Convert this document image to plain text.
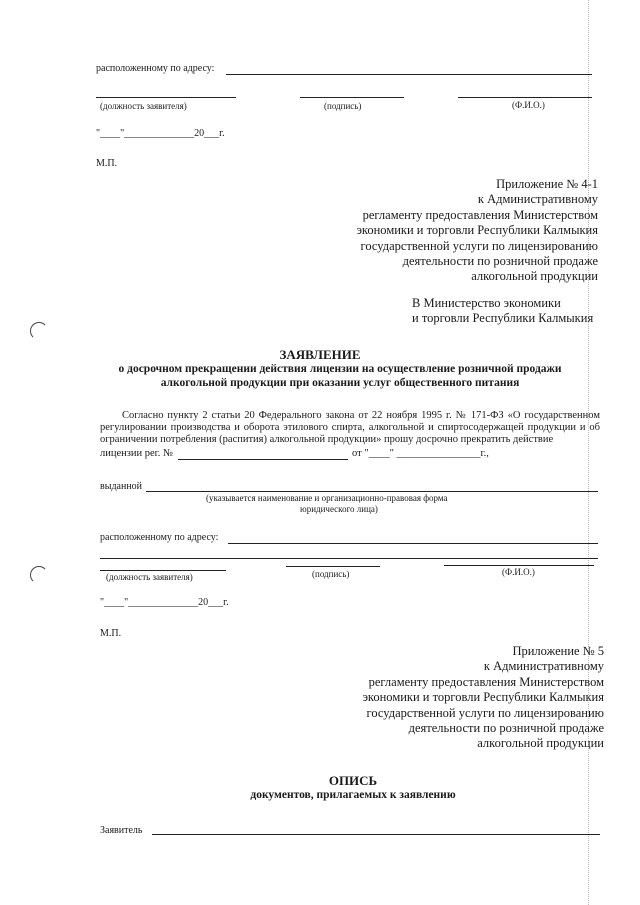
расположенному по адресу:
(должность заявителя)	(подпись)	(Ф.И.О.)
"____"______________20___г.
М.П.
Приложение № 4-1
к Административному
регламенту предоставления Министерством
экономики и торговли Республики Калмыкия
государственной услуги по лицензированию
деятельности по розничной продаже
алкогольной продукции
В Министерство экономики
и торговли Республики Калмыкия
ЗАЯВЛЕНИЕ
о досрочном прекращении действия лицензии на осуществление розничной продажи
алкогольной продукции при оказании услуг общественного питания
Согласно пункту 2 статьи 20 Федерального закона от 22 ноября 1995 г. № 171-ФЗ «О государственном регулировании производства и оборота этилового спирта, алкогольной и спиртосодержащей продукции и об ограничении потребления (распития) алкогольной продукции» прошу досрочно прекратить действие
лицензии рег. №	от "____" ________________г.,
выданной
(указывается наименование и организационно-правовая форма
юридического лица)
расположенному по адресу:
(должность заявителя)	(подпись)	(Ф.И.О.)
"____"______________20___г.
М.П.
Приложение № 5
к Административному
регламенту предоставления Министерством
экономики и торговли Республики Калмыкия
государственной услуги по лицензированию
деятельности по розничной продаже
алкогольной продукции
ОПИСЬ
документов, прилагаемых к заявлению
Заявитель
